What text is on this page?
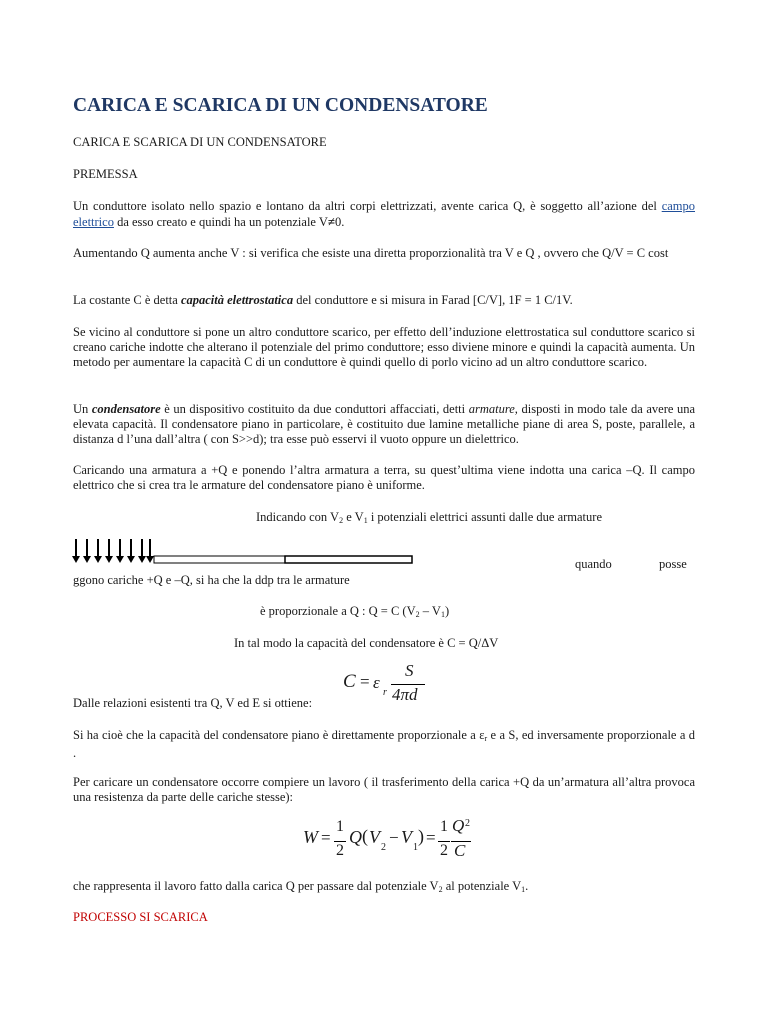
CARICA E SCARICA DI UN CONDENSATORE

CARICA E SCARICA DI UN CONDENSATORE

PREMESSA

Un conduttore isolato nello spazio e lontano da altri corpi elettrizzati, avente carica Q, è soggetto all’azione del campo elettrico da esso creato e quindi ha un potenziale V≠0.

Aumentando Q aumenta anche V : si verifica che esiste una diretta proporzionalità tra V e Q , ovvero che Q/V = C cost

La costante C è detta capacità elettrostatica del conduttore e si misura in Farad [C/V], 1F = 1 C/1V.

Se vicino al conduttore si pone un altro conduttore scarico, per effetto dell’induzione elettrostatica sul conduttore scarico si creano cariche indotte che alterano il potenziale del primo conduttore; esso diviene minore e quindi la capacità aumenta. Un metodo per aumentare la capacità C di un conduttore è quindi quello di porlo vicino ad un altro conduttore scarico.

Un condensatore è un dispositivo costituito da due conduttori affacciati, detti armature, disposti in modo tale da avere una elevata capacità. Il condensatore piano in particolare, è costituito due lamine metalliche piane di area S, poste, parallele, a distanza d l’una dall’altra ( con S>>d); tra esse può esservi il vuoto oppure un dielettrico.

Caricando una armatura a +Q e ponendo l’altra armatura a terra, su quest’ultima viene indotta una carica –Q. Il campo elettrico che si crea tra le armature del condensatore piano è uniforme.

Indicando con $V_2$ e $V_1$ i potenziali elettrici assunti dalle due armature

quando	posse

ggono cariche +Q e –Q, si ha che la ddp tra le armature

è proporzionale a Q : Q = C $(V_2 - V_1)$

In tal modo la capacità del condensatore è C = Q/ΔV

C = ε
r
S
4πd

Dalle relazioni esistenti tra Q, V ed E si ottiene:

Si ha cioè che la capacità del condensatore piano è direttamente proporzionale a $\varepsilon_r$ e a S, ed inversamente proporzionale a d .

Per caricare un condensatore occorre compiere un lavoro ( il trasferimento della carica +Q da un’armatura all’altra provoca una resistenza da parte delle cariche stesse):

W =
1
2
Q ( V
2
− V
1
) =
1
2
Q 2
C

che rappresenta il lavoro fatto dalla carica Q per passare dal potenziale $V_2$ al potenziale $V_1$.

PROCESSO SI SCARICA
